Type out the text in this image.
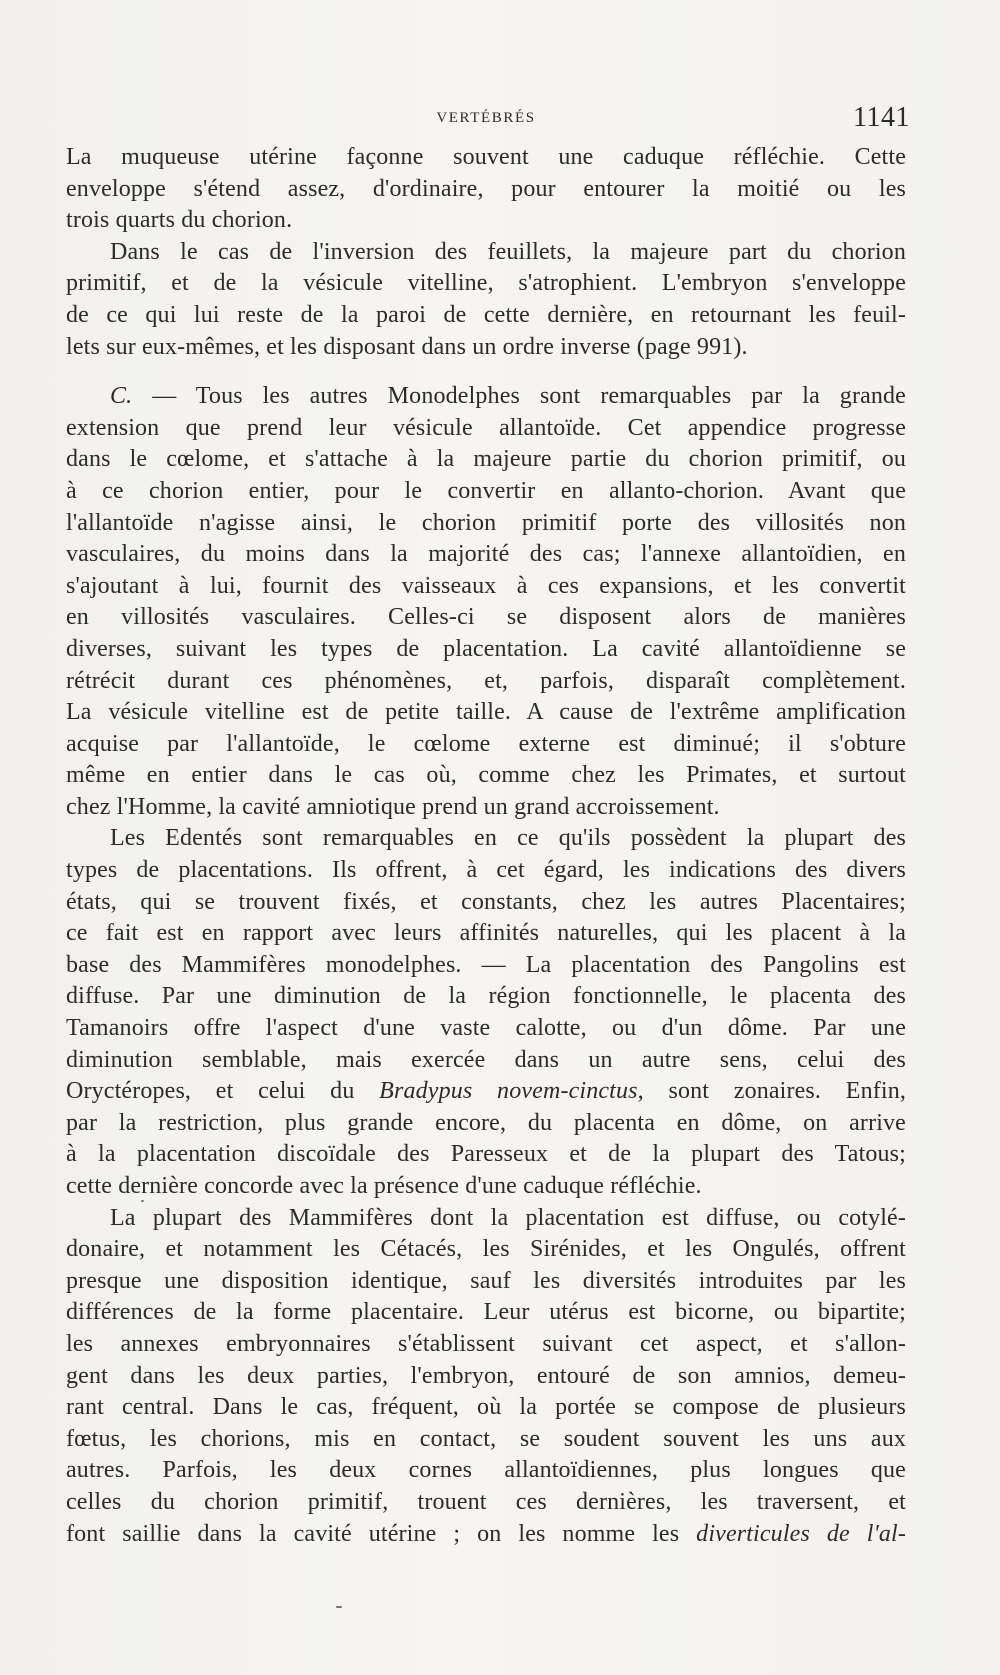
VERTÉBRÉS	1141
La muqueuse utérine façonne souvent une caduque réfléchie. Cette
enveloppe s'étend assez, d'ordinaire, pour entourer la moitié ou les
trois quarts du chorion.
Dans le cas de l'inversion des feuillets, la majeure part du chorion
primitif, et de la vésicule vitelline, s'atrophient. L'embryon s'enveloppe
de ce qui lui reste de la paroi de cette dernière, en retournant les feuil-
lets sur eux-mêmes, et les disposant dans un ordre inverse (page 991).
C. — Tous les autres Monodelphes sont remarquables par la grande
extension que prend leur vésicule allantoïde. Cet appendice progresse
dans le cœlome, et s'attache à la majeure partie du chorion primitif, ou
à ce chorion entier, pour le convertir en allanto-chorion. Avant que
l'allantoïde n'agisse ainsi, le chorion primitif porte des villosités non
vasculaires, du moins dans la majorité des cas; l'annexe allantoïdien, en
s'ajoutant à lui, fournit des vaisseaux à ces expansions, et les convertit
en villosités vasculaires. Celles-ci se disposent alors de manières
diverses, suivant les types de placentation. La cavité allantoïdienne se
rétrécit durant ces phénomènes, et, parfois, disparaît complètement.
La vésicule vitelline est de petite taille. A cause de l'extrême amplification
acquise par l'allantoïde, le cœlome externe est diminué; il s'obture
même en entier dans le cas où, comme chez les Primates, et surtout
chez l'Homme, la cavité amniotique prend un grand accroissement.
Les Edentés sont remarquables en ce qu'ils possèdent la plupart des
types de placentations. Ils offrent, à cet égard, les indications des divers
états, qui se trouvent fixés, et constants, chez les autres Placentaires;
ce fait est en rapport avec leurs affinités naturelles, qui les placent à la
base des Mammifères monodelphes. — La placentation des Pangolins est
diffuse. Par une diminution de la région fonctionnelle, le placenta des
Tamanoirs offre l'aspect d'une vaste calotte, ou d'un dôme. Par une
diminution semblable, mais exercée dans un autre sens, celui des
Oryctéropes, et celui du Bradypus novem-cinctus, sont zonaires. Enfin,
par la restriction, plus grande encore, du placenta en dôme, on arrive
à la placentation discoïdale des Paresseux et de la plupart des Tatous;
cette dernière concorde avec la présence d'une caduque réfléchie.
La plupart des Mammifères dont la placentation est diffuse, ou cotylé-
donaire, et notamment les Cétacés, les Sirénides, et les Ongulés, offrent
presque une disposition identique, sauf les diversités introduites par les
différences de la forme placentaire. Leur utérus est bicorne, ou bipartite;
les annexes embryonnaires s'établissent suivant cet aspect, et s'allon-
gent dans les deux parties, l'embryon, entouré de son amnios, demeu-
rant central. Dans le cas, fréquent, où la portée se compose de plusieurs
fœtus, les chorions, mis en contact, se soudent souvent les uns aux
autres. Parfois, les deux cornes allantoïdiennes, plus longues que
celles du chorion primitif, trouent ces dernières, les traversent, et
font saillie dans la cavité utérine ; on les nomme les diverticules de l'al-
